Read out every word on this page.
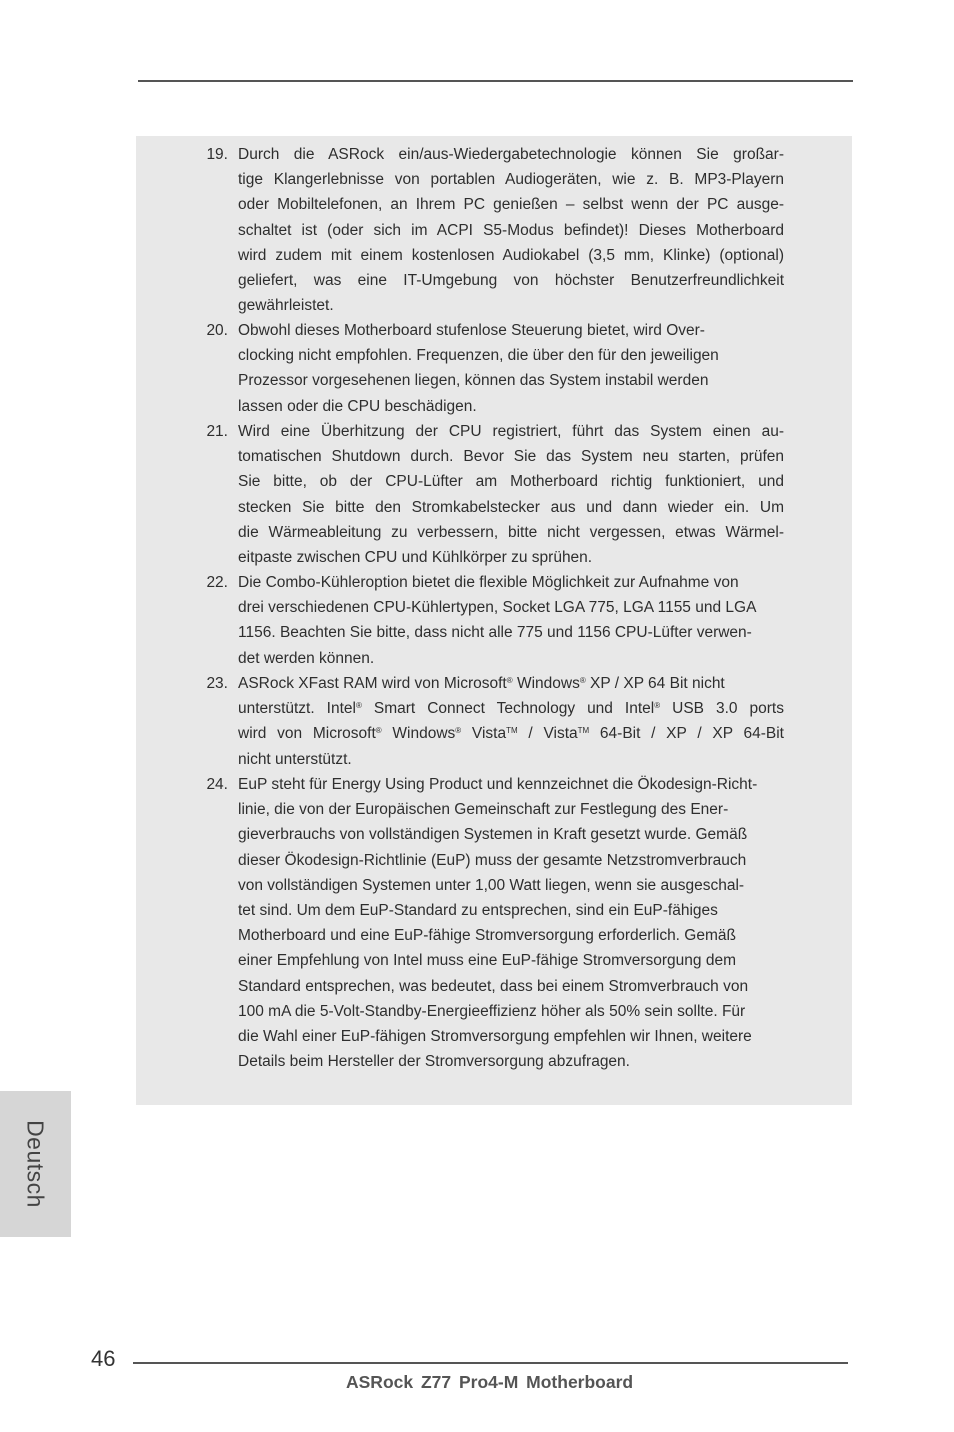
19. Durch die ASRock ein/aus-Wiedergabetechnologie können Sie großar-
tige Klangerlebnisse von portablen Audiogeräten, wie z. B. MP3-Playern
oder Mobiltelefonen, an Ihrem PC genießen – selbst wenn der PC ausge-
schaltet ist (oder sich im ACPI S5-Modus befindet)! Dieses Motherboard
wird zudem mit einem kostenlosen Audiokabel (3,5 mm, Klinke) (optional)
geliefert, was eine IT-Umgebung von höchster Benutzerfreundlichkeit
gewährleistet.
20. Obwohl dieses Motherboard stufenlose Steuerung bietet, wird Over-
clocking nicht empfohlen. Frequenzen, die über den für den jeweiligen
Prozessor vorgesehenen liegen, können das System instabil werden
lassen oder die CPU beschädigen.
21. Wird eine Überhitzung der CPU registriert, führt das System einen au-
tomatischen Shutdown durch. Bevor Sie das System neu starten, prüfen
Sie bitte, ob der CPU-Lüfter am Motherboard richtig funktioniert, und
stecken Sie bitte den Stromkabelstecker aus und dann wieder ein. Um
die Wärmeableitung zu verbessern, bitte nicht vergessen, etwas Wärmel-
eitpaste zwischen CPU und Kühlkörper zu sprühen.
22. Die Combo-Kühleroption bietet die flexible Möglichkeit zur Aufnahme von
drei verschiedenen CPU-Kühlertypen, Socket LGA 775, LGA 1155 und LGA
1156. Beachten Sie bitte, dass nicht alle 775 und 1156 CPU-Lüfter verwen-
det werden können.
23. ASRock XFast RAM wird von Microsoft® Windows® XP / XP 64 Bit nicht
unterstützt. Intel® Smart Connect Technology und Intel® USB 3.0 ports
wird von Microsoft® Windows® Vista™ / Vista™ 64-Bit / XP / XP 64-Bit
nicht unterstützt.
24. EuP steht für Energy Using Product und kennzeichnet die Ökodesign-Richt-
linie, die von der Europäischen Gemeinschaft zur Festlegung des Ener-
gieverbrauchs von vollständigen Systemen in Kraft gesetzt wurde. Gemäß
dieser Ökodesign-Richtlinie (EuP) muss der gesamte Netzstromverbrauch
von vollständigen Systemen unter 1,00 Watt liegen, wenn sie ausgeschal-
tet sind. Um dem EuP-Standard zu entsprechen, sind ein EuP-fähiges
Motherboard und eine EuP-fähige Stromversorgung erforderlich. Gemäß
einer Empfehlung von Intel muss eine EuP-fähige Stromversorgung dem
Standard entsprechen, was bedeutet, dass bei einem Stromverbrauch von
100 mA die 5-Volt-Standby-Energieeffizienz höher als 50% sein sollte. Für
die Wahl einer EuP-fähigen Stromversorgung empfehlen wir Ihnen, weitere
Details beim Hersteller der Stromversorgung abzufragen.
Deutsch
46
ASRock Z77 Pro4-M Motherboard
